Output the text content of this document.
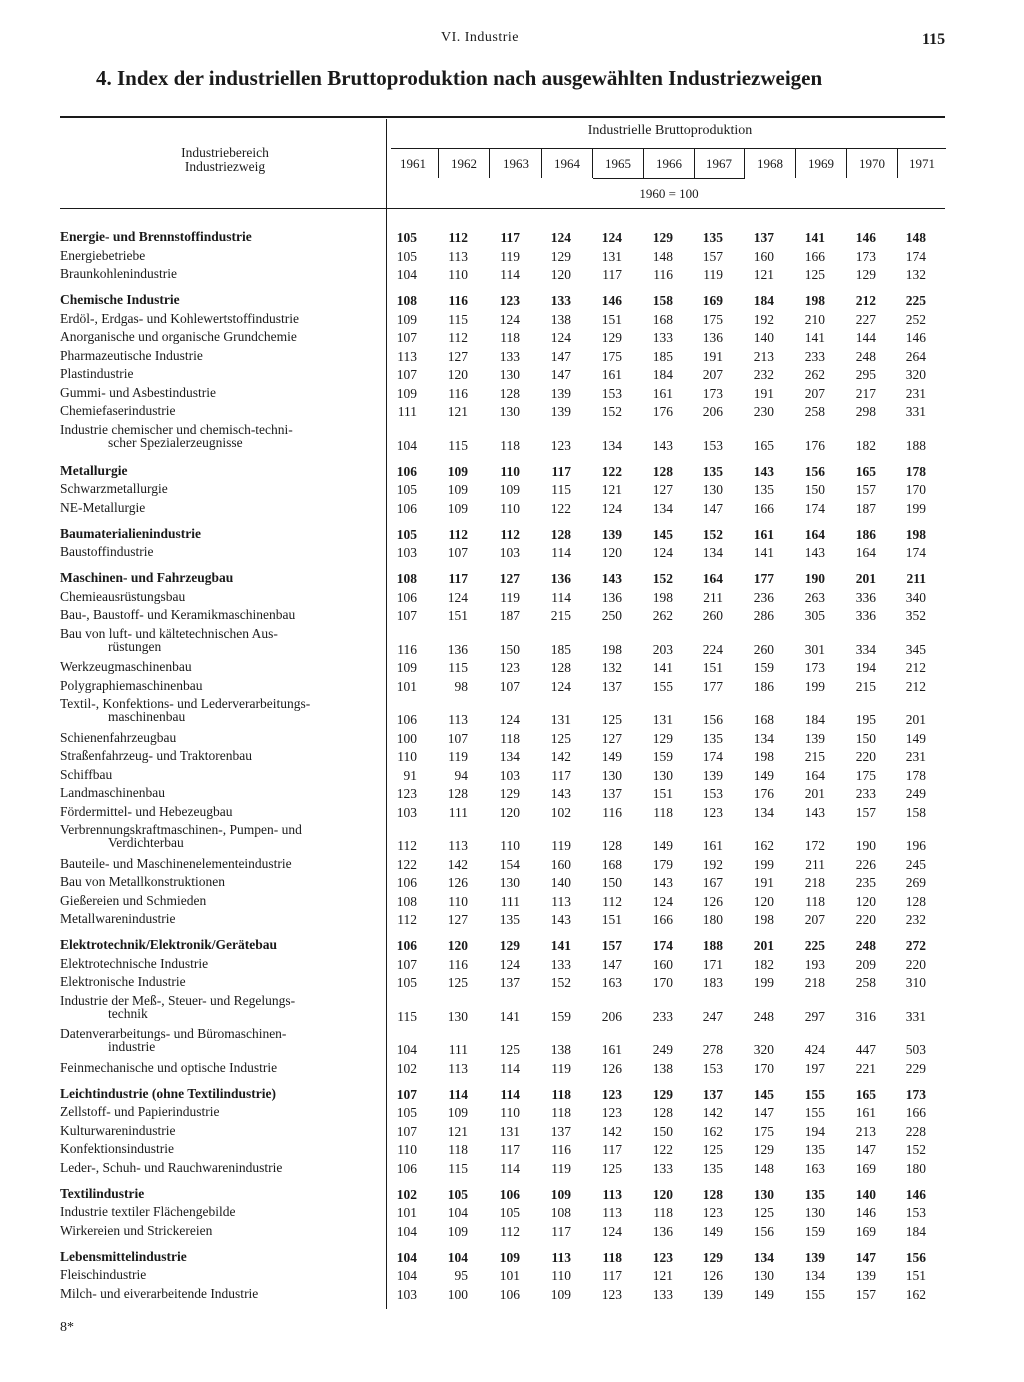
VI. Industrie	115
4. Index der industriellen Bruttoproduktion nach ausgewählten Industriezweigen
Industriebereich
Industriezweig
Industrielle Bruttoproduktion
1961	1962	1963	1964	1965	1966	1967	1968	1969	1970	1971
1960 = 100
Energie- und Brennstoffindustrie	105	112	117	124	124	129	135	137	141	146	148
Energiebetriebe	105	113	119	129	131	148	157	160	166	173	174
Braunkohlenindustrie	104	110	114	120	117	116	119	121	125	129	132
Chemische Industrie	108	116	123	133	146	158	169	184	198	212	225
Erdöl-, Erdgas- und Kohlewertstoffindustrie	109	115	124	138	151	168	175	192	210	227	252
Anorganische und organische Grundchemie	107	112	118	124	129	133	136	140	141	144	146
Pharmazeutische Industrie	113	127	133	147	175	185	191	213	233	248	264
Plastindustrie	107	120	130	147	161	184	207	232	262	295	320
Gummi- und Asbestindustrie	109	116	128	139	153	161	173	191	207	217	231
Chemiefaserindustrie	111	121	130	139	152	176	206	230	258	298	331
Industrie chemischer und chemisch-techni-
scher Spezialerzeugnisse	104	115	118	123	134	143	153	165	176	182	188
Metallurgie	106	109	110	117	122	128	135	143	156	165	178
Schwarzmetallurgie	105	109	109	115	121	127	130	135	150	157	170
NE-Metallurgie	106	109	110	122	124	134	147	166	174	187	199
Baumaterialienindustrie	105	112	112	128	139	145	152	161	164	186	198
Baustoffindustrie	103	107	103	114	120	124	134	141	143	164	174
Maschinen- und Fahrzeugbau	108	117	127	136	143	152	164	177	190	201	211
Chemieausrüstungsbau	106	124	119	114	136	198	211	236	263	336	340
Bau-, Baustoff- und Keramikmaschinenbau	107	151	187	215	250	262	260	286	305	336	352
Bau von luft- und kältetechnischen Aus-
rüstungen	116	136	150	185	198	203	224	260	301	334	345
Werkzeugmaschinenbau	109	115	123	128	132	141	151	159	173	194	212
Polygraphiemaschinenbau	101	98	107	124	137	155	177	186	199	215	212
Textil-, Konfektions- und Lederverarbeitungs-
maschinenbau	106	113	124	131	125	131	156	168	184	195	201
Schienenfahrzeugbau	100	107	118	125	127	129	135	134	139	150	149
Straßenfahrzeug- und Traktorenbau	110	119	134	142	149	159	174	198	215	220	231
Schiffbau	91	94	103	117	130	130	139	149	164	175	178
Landmaschinenbau	123	128	129	143	137	151	153	176	201	233	249
Fördermittel- und Hebezeugbau	103	111	120	102	116	118	123	134	143	157	158
Verbrennungskraftmaschinen-, Pumpen- und
Verdichterbau	112	113	110	119	128	149	161	162	172	190	196
Bauteile- und Maschinenelementeindustrie	122	142	154	160	168	179	192	199	211	226	245
Bau von Metallkonstruktionen	106	126	130	140	150	143	167	191	218	235	269
Gießereien und Schmieden	108	110	111	113	112	124	126	120	118	120	128
Metallwarenindustrie	112	127	135	143	151	166	180	198	207	220	232
Elektrotechnik/Elektronik/Gerätebau	106	120	129	141	157	174	188	201	225	248	272
Elektrotechnische Industrie	107	116	124	133	147	160	171	182	193	209	220
Elektronische Industrie	105	125	137	152	163	170	183	199	218	258	310
Industrie der Meß-, Steuer- und Regelungs-
technik	115	130	141	159	206	233	247	248	297	316	331
Datenverarbeitungs- und Büromaschinen-
industrie	104	111	125	138	161	249	278	320	424	447	503
Feinmechanische und optische Industrie	102	113	114	119	126	138	153	170	197	221	229
Leichtindustrie (ohne Textilindustrie)	107	114	114	118	123	129	137	145	155	165	173
Zellstoff- und Papierindustrie	105	109	110	118	123	128	142	147	155	161	166
Kulturwarenindustrie	107	121	131	137	142	150	162	175	194	213	228
Konfektionsindustrie	110	118	117	116	117	122	125	129	135	147	152
Leder-, Schuh- und Rauchwarenindustrie	106	115	114	119	125	133	135	148	163	169	180
Textilindustrie	102	105	106	109	113	120	128	130	135	140	146
Industrie textiler Flächengebilde	101	104	105	108	113	118	123	125	130	146	153
Wirkereien und Strickereien	104	109	112	117	124	136	149	156	159	169	184
Lebensmittelindustrie	104	104	109	113	118	123	129	134	139	147	156
Fleischindustrie	104	95	101	110	117	121	126	130	134	139	151
Milch- und eiverarbeitende Industrie	103	100	106	109	123	133	139	149	155	157	162
8*
